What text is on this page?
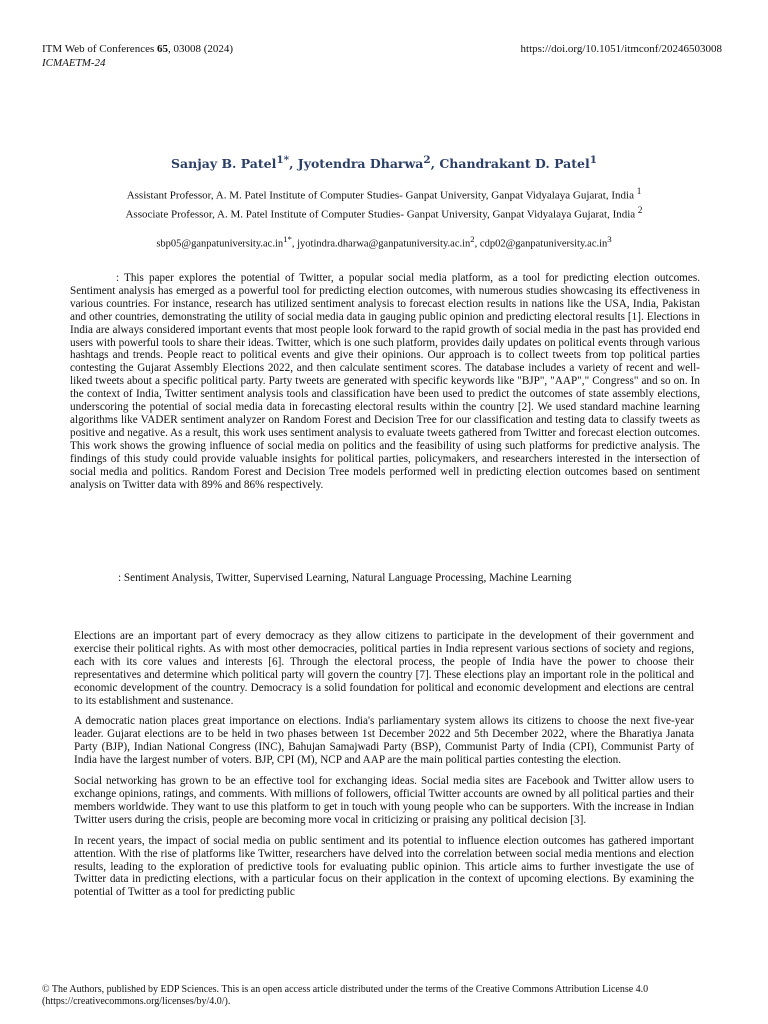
ITM Web of Conferences 65, 03008 (2024)
ICMAETM-24
https://doi.org/10.1051/itmconf/20246503008
Sanjay B. Patel$^{1*}$, Jyotendra Dharwa$^2$, Chandrakant D. Patel$^1$
Assistant Professor, A. M. Patel Institute of Computer Studies- Ganpat University, Ganpat Vidyalaya Gujarat, India $^1$
Associate Professor, A. M. Patel Institute of Computer Studies- Ganpat University, Ganpat Vidyalaya Gujarat, India $^2$
$sbp05@ganpatuniversity.ac.in^{1*}$, $jyotindra.dharwa@ganpatuniversity.ac.in^2$, $cdp02@ganpatuniversity.ac.in^3$

: This paper explores the potential of Twitter, a popular social media platform, as a tool for predicting election outcomes. Sentiment analysis has emerged as a powerful tool for predicting election outcomes, with numerous studies showcasing its effectiveness in various countries. For instance, research has utilized sentiment analysis to forecast election results in nations like the USA, India, Pakistan and other countries, demonstrating the utility of social media data in gauging public opinion and predicting electoral results [1]. Elections in India are always considered important events that most people look forward to the rapid growth of social media in the past has provided end users with powerful tools to share their ideas. Twitter, which is one such platform, provides daily updates on political events through various hashtags and trends. People react to political events and give their opinions. Our approach is to collect tweets from top political parties contesting the Gujarat Assembly Elections 2022, and then calculate sentiment scores. The database includes a variety of recent and well-liked tweets about a specific political party. Party tweets are generated with specific keywords like "BJP", "AAP"," Congress" and so on. In the context of India, Twitter sentiment analysis tools and classification have been used to predict the outcomes of state assembly elections, underscoring the potential of social media data in forecasting electoral results within the country [2]. We used standard machine learning algorithms like VADER sentiment analyzer on Random Forest and Decision Tree for our classification and testing data to classify tweets as positive and negative. As a result, this work uses sentiment analysis to evaluate tweets gathered from Twitter and forecast election outcomes. This work shows the growing influence of social media on politics and the feasibility of using such platforms for predictive analysis. The findings of this study could provide valuable insights for political parties, policymakers, and researchers interested in the intersection of social media and politics. Random Forest and Decision Tree models performed well in predicting election outcomes based on sentiment analysis on Twitter data with 89% and 86% respectively.

: Sentiment Analysis, Twitter, Supervised Learning, Natural Language Processing, Machine Learning

Elections are an important part of every democracy as they allow citizens to participate in the development of their government and exercise their political rights. As with most other democracies, political parties in India represent various sections of society and regions, each with its core values and interests [6]. Through the electoral process, the people of India have the power to choose their representatives and determine which political party will govern the country [7]. These elections play an important role in the political and economic development of the country. Democracy is a solid foundation for political and economic development and elections are central to its establishment and sustenance.

A democratic nation places great importance on elections. India's parliamentary system allows its citizens to choose the next five-year leader. Gujarat elections are to be held in two phases between 1st December 2022 and 5th December 2022, where the Bharatiya Janata Party (BJP), Indian National Congress (INC), Bahujan Samajwadi Party (BSP), Communist Party of India (CPI), Communist Party of India have the largest number of voters. BJP, CPI (M), NCP and AAP are the main political parties contesting the election.

Social networking has grown to be an effective tool for exchanging ideas. Social media sites are Facebook and Twitter allow users to exchange opinions, ratings, and comments. With millions of followers, official Twitter accounts are owned by all political parties and their members worldwide. They want to use this platform to get in touch with young people who can be supporters. With the increase in Indian Twitter users during the crisis, people are becoming more vocal in criticizing or praising any political decision [3].

In recent years, the impact of social media on public sentiment and its potential to influence election outcomes has gathered important attention. With the rise of platforms like Twitter, researchers have delved into the correlation between social media mentions and election results, leading to the exploration of predictive tools for evaluating public opinion. This article aims to further investigate the use of Twitter data in predicting elections, with a particular focus on their application in the context of upcoming elections. By examining the potential of Twitter as a tool for predicting public

© The Authors, published by EDP Sciences. This is an open access article distributed under the terms of the Creative Commons Attribution License 4.0 (https://creativecommons.org/licenses/by/4.0/).
